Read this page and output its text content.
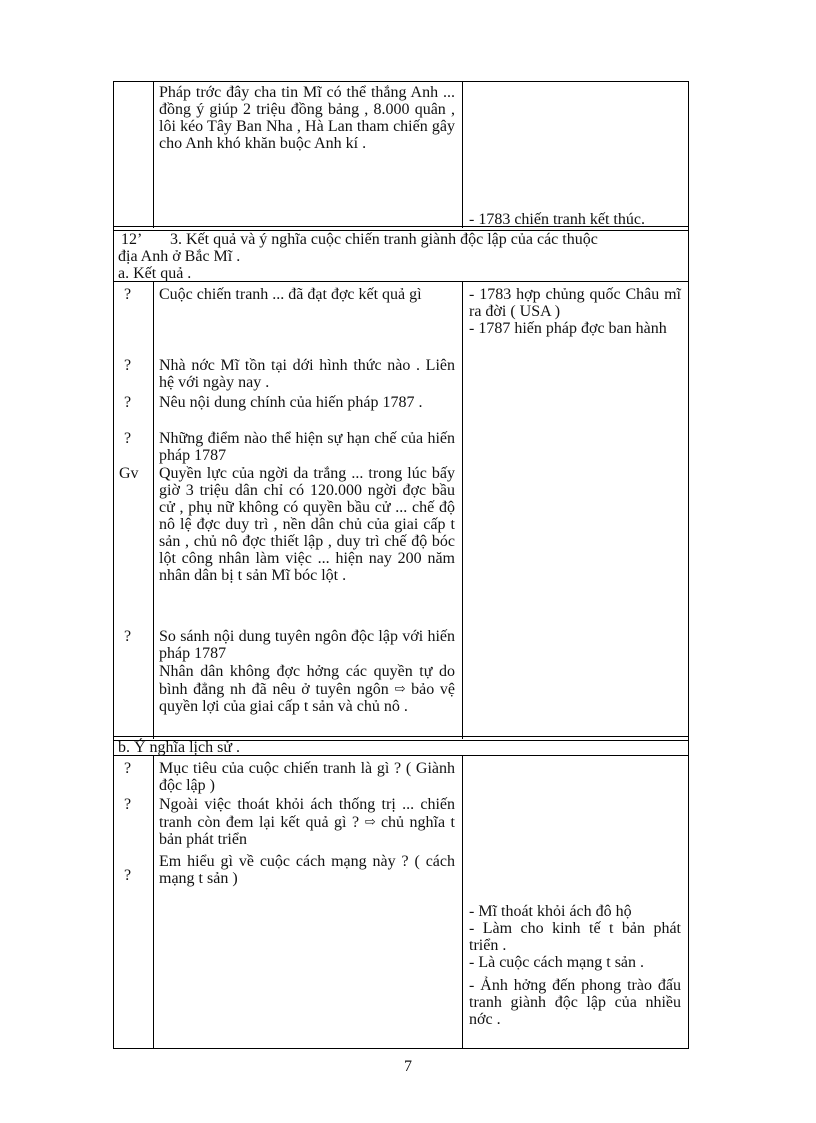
Pháp trớc đây cha tin Mĩ có thể thắng Anh ... đồng ý giúp 2 triệu đồng bảng , 8.000 quân , lôi kéo Tây Ban Nha , Hà Lan tham chiến gây cho Anh khó khăn buộc Anh kí .

- 1783 chiến tranh kết thúc.

12’ 3. Kết quả và ý nghĩa cuộc chiến tranh giành độc lập của các thuộc
địa Anh ở Bắc Mĩ .
a. Kết quả .
?
?
?
?
Gv
?

Cuộc chiến tranh ... đã đạt đợc kết quả gì

Nhà nớc Mĩ tồn tại dới hình thức nào . Liên hệ với ngày nay .

Nêu nội dung chính của hiến pháp 1787 .

Những điểm nào thể hiện sự hạn chế của hiến pháp 1787

Quyền lực của ngời da trắng ... trong lúc bấy giờ 3 triệu dân chỉ có 120.000 ngời đợc bầu cử , phụ nữ không có quyền bầu cử ... chế độ nô lệ đợc duy trì , nền dân chủ của giai cấp t sản , chủ nô đợc thiết lập , duy trì chế độ bóc lột công nhân làm việc ... hiện nay 200 năm nhân dân bị t sản Mĩ bóc lột .

So sánh nội dung tuyên ngôn độc lập với hiến pháp 1787

Nhân dân không đợc hởng các quyền tự do bình đẳng nh đã nêu ở tuyên ngôn ⇨ bảo vệ quyền lợi của giai cấp t sản và chủ nô .

- 1783 hợp chủng quốc Châu mĩ ra đời ( USA )

- 1787 hiến pháp đợc ban hành

b. Ý nghĩa lịch sử .
?
?
?

Mục tiêu của cuộc chiến tranh là gì ? ( Giành độc lập )

Ngoài việc thoát khỏi ách thống trị ... chiến tranh còn đem lại kết quả gì ? ⇨ chủ nghĩa t bản phát triển

Em hiểu gì về cuộc cách mạng này ? ( cách mạng t sản )

- Mĩ thoát khỏi ách đô hộ

- Làm cho kinh tế t bản phát triển .

- Là cuộc cách mạng t sản .

- Ảnh hởng đến phong trào đấu tranh giành độc lập của nhiều nớc .

7
